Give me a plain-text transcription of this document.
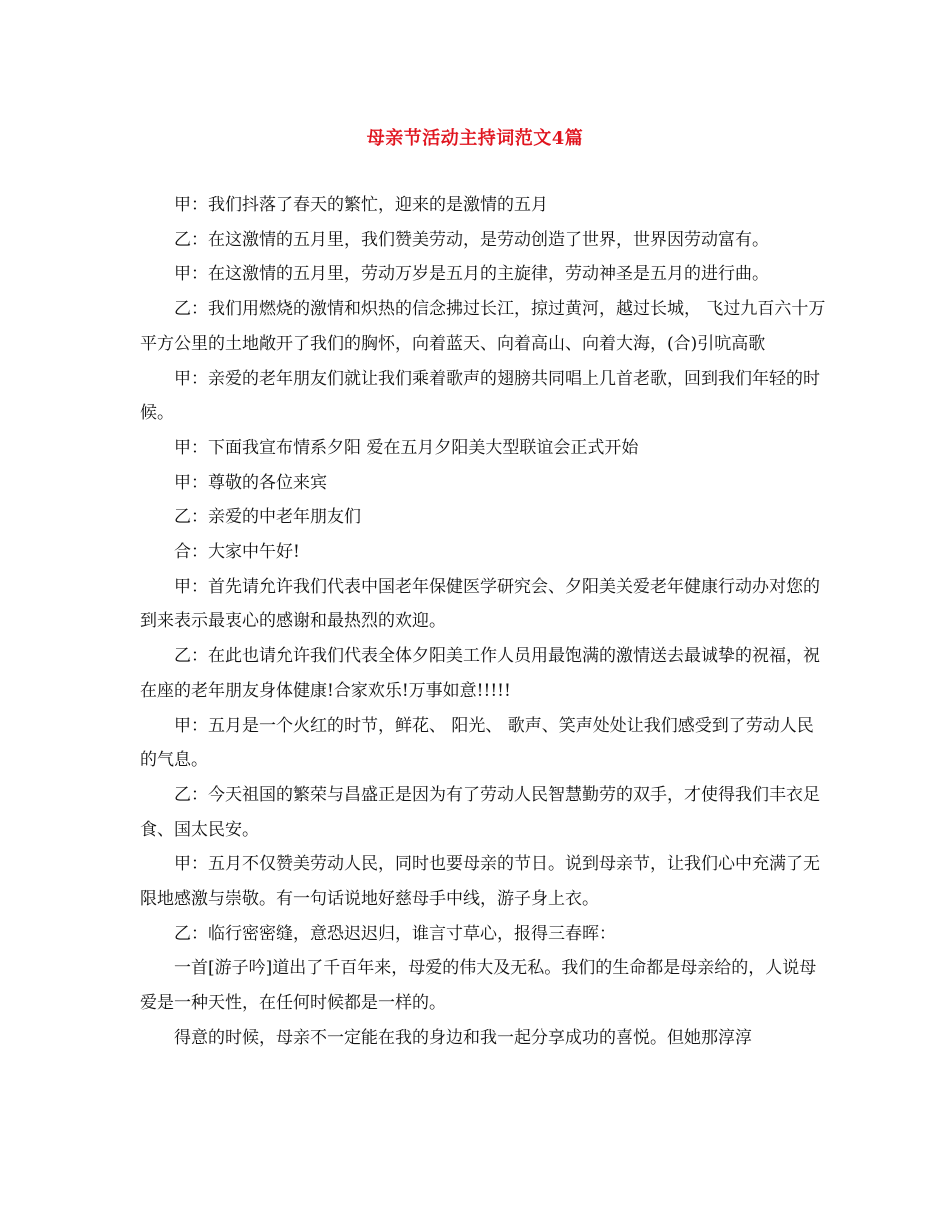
母亲节活动主持词范文4篇

甲：我们抖落了春天的繁忙，迎来的是激情的五月

乙：在这激情的五月里，我们赞美劳动，是劳动创造了世界，世界因劳动富有。

甲：在这激情的五月里，劳动万岁是五月的主旋律，劳动神圣是五月的进行曲。

乙：我们用燃烧的激情和炽热的信念拂过长江，掠过黄河，越过长城， 飞过九百六十万平方公里的土地敞开了我们的胸怀，向着蓝天、向着高山、向着大海，(合)引吭高歌

甲：亲爱的老年朋友们就让我们乘着歌声的翅膀共同唱上几首老歌，回到我们年轻的时候。

甲：下面我宣布情系夕阳 爱在五月夕阳美大型联谊会正式开始

甲：尊敬的各位来宾

乙：亲爱的中老年朋友们

合：大家中午好!

甲：首先请允许我们代表中国老年保健医学研究会、夕阳美关爱老年健康行动办对您的到来表示最衷心的感谢和最热烈的欢迎。

乙：在此也请允许我们代表全体夕阳美工作人员用最饱满的激情送去最诚挚的祝福，祝在座的老年朋友身体健康!合家欢乐!万事如意!!!!!

甲：五月是一个火红的时节，鲜花、 阳光、 歌声、笑声处处让我们感受到了劳动人民的气息。

乙：今天祖国的繁荣与昌盛正是因为有了劳动人民智慧勤劳的双手，才使得我们丰衣足食、国太民安。

甲：五月不仅赞美劳动人民，同时也要母亲的节日。说到母亲节，让我们心中充满了无限地感激与崇敬。有一句话说地好慈母手中线，游子身上衣。

乙：临行密密缝，意恐迟迟归，谁言寸草心，报得三春晖：

一首[游子吟]道出了千百年来，母爱的伟大及无私。我们的生命都是母亲给的，人说母爱是一种天性，在任何时候都是一样的。

得意的时候，母亲不一定能在我的身边和我一起分享成功的喜悦。但她那淳淳
